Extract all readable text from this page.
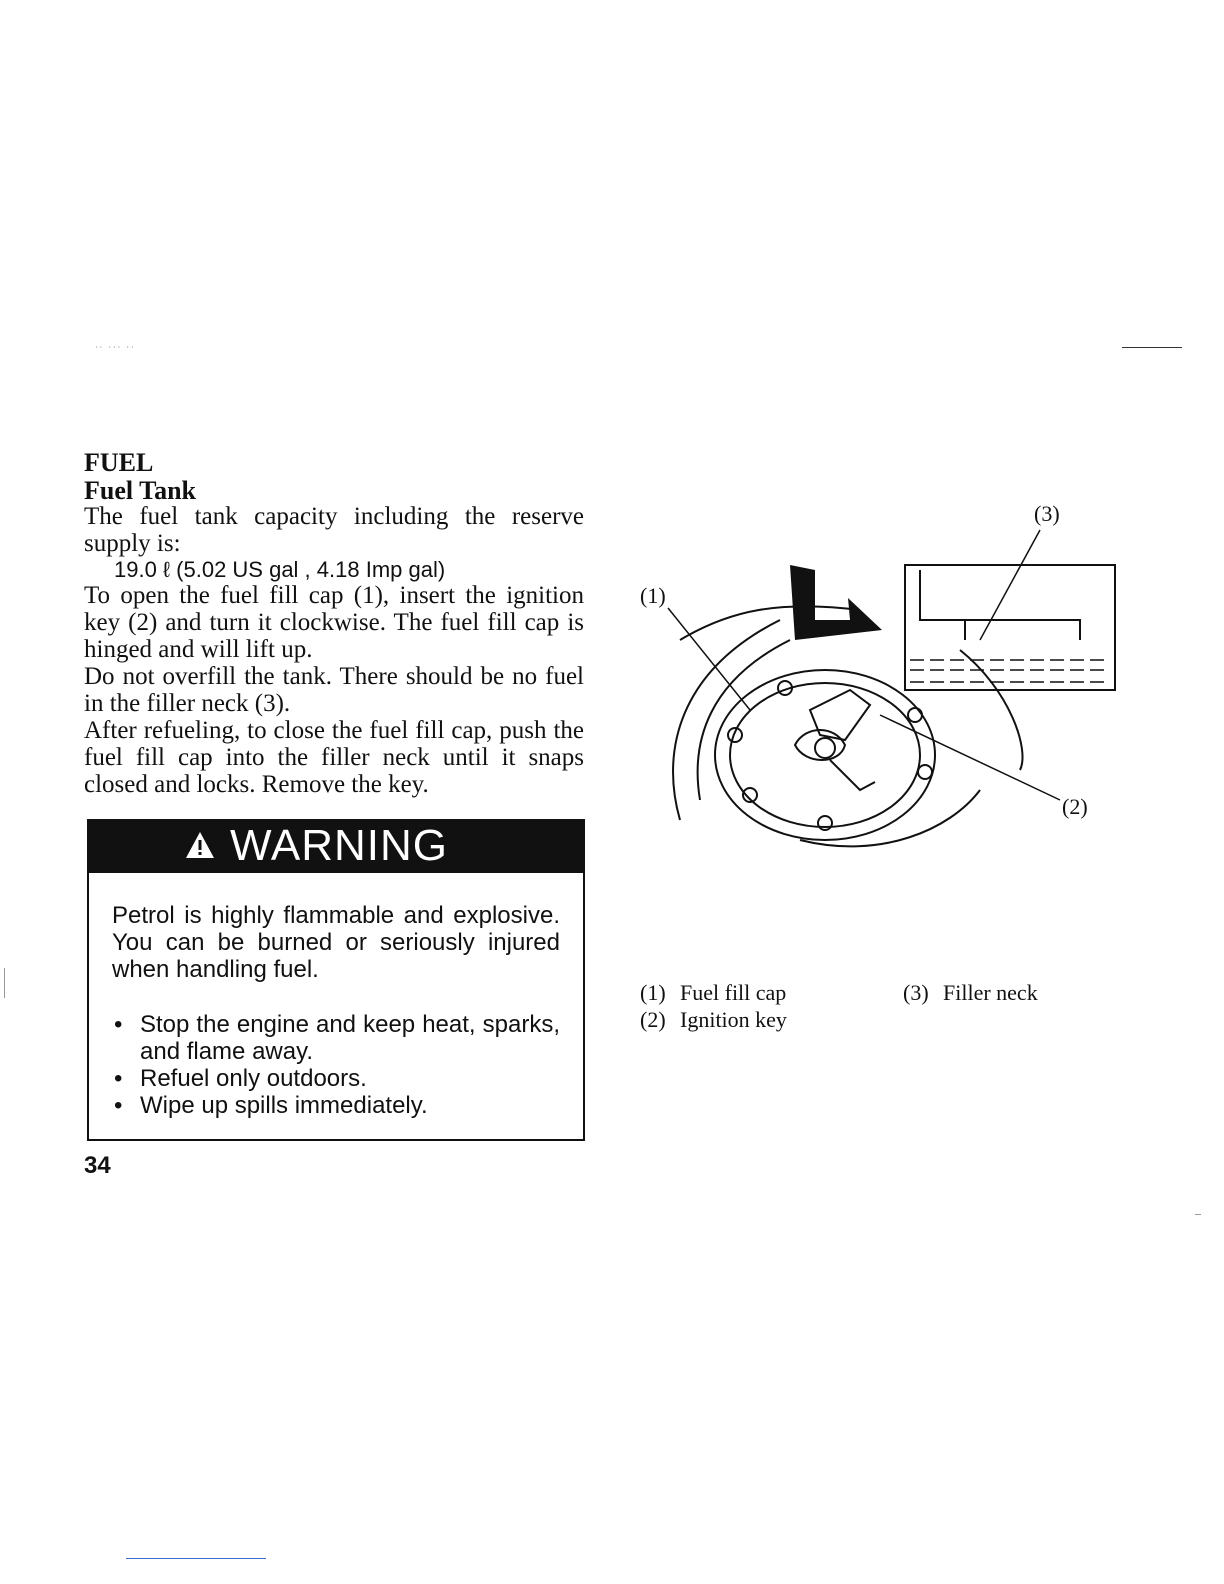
·· ··· ··
FUEL
Fuel Tank

The fuel tank capacity including the reserve supply is:

19.0 ℓ (5.02 US gal , 4.18 Imp gal)

To open the fuel fill cap (1), insert the ignition key (2) and turn it clockwise. The fuel fill cap is hinged and will lift up.

Do not overfill the tank. There should be no fuel in the filler neck (3).

After refueling, to close the fuel fill cap, push the fuel fill cap into the filler neck until it snaps closed and locks. Remove the key.

WARNING
Petrol is highly flammable and explosive. You can be burned or seriously injured when handling fuel.
• Stop the engine and keep heat, sparks, and flame away.
• Refuel only outdoors.
• Wipe up spills immediately.
34
(1)
(2)
(3)
(1) Fuel fill cap
(2) Ignition key
(3) Filler neck
